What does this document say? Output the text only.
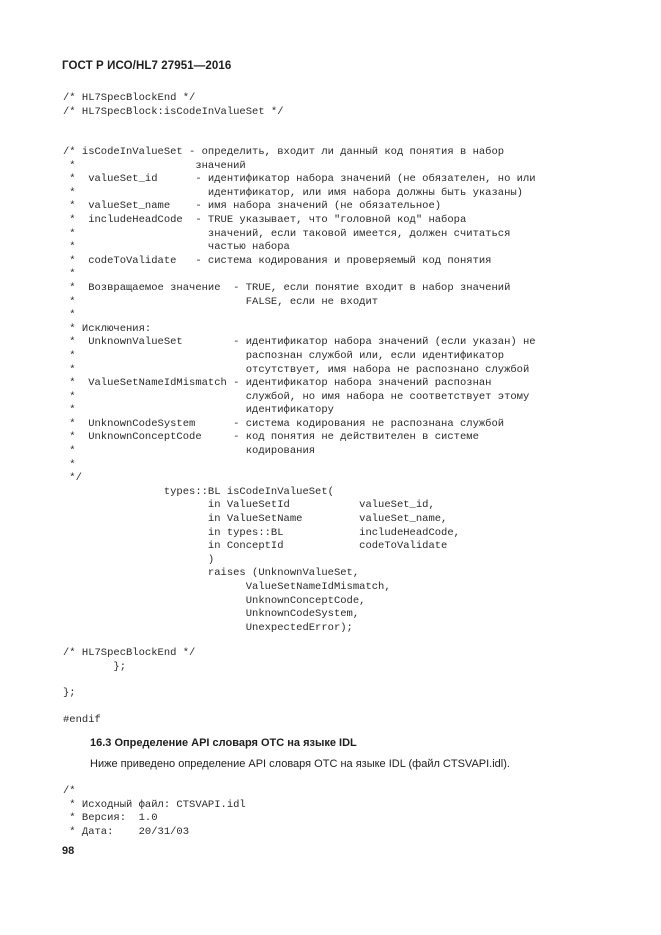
ГОСТ Р ИСО/HL7 27951—2016
/* HL7SpecBlockEnd */
/* HL7SpecBlock:isCodeInValueSet */
/* isCodeInValueSet - определить, входит ли данный код понятия в набор
*                   значений
*  valueSet_id      - идентификатор набора значений (не обязателен, но или
*                     идентификатор, или имя набора должны быть указаны)
*  valueSet_name    - имя набора значений (не обязательное)
*  includeHeadCode  - TRUE указывает, что "головной код" набора
*                     значений, если таковой имеется, должен считаться
*                     частью набора
*  codeToValidate   - система кодирования и проверяемый код понятия
*
*  Возвращаемое значение  - TRUE, если понятие входит в набор значений
*                           FALSE, если не входит
*
* Исключения:
*  UnknownValueSet        - идентификатор набора значений (если указан) не
*                           распознан службой или, если идентификатор
*                           отсутствует, имя набора не распознано службой
*  ValueSetNameIdMismatch - идентификатор набора значений распознан
*                           службой, но имя набора не соответствует этому
*                           идентификатору
*  UnknownCodeSystem      - система кодирования не распознана службой
*  UnknownConceptCode     - код понятия не действителен в системе
*                           кодирования
*
*/
types::BL isCodeInValueSet(
in ValueSetId           valueSet_id,
in ValueSetName         valueSet_name,
in types::BL            includeHeadCode,
in ConceptId            codeToValidate
)
raises (UnknownValueSet,
ValueSetNameIdMismatch,
UnknownConceptCode,
UnknownCodeSystem,
UnexpectedError);
/* HL7SpecBlockEnd */
};
};
#endif
16.3 Определение API словаря ОТС на языке IDL
Ниже приведено определение API словаря ОТС на языке IDL (файл CTSVAPI.idl).
/*
* Исходный файл: CTSVAPI.idl
* Версия:  1.0
* Дата:    20/31/03
98
